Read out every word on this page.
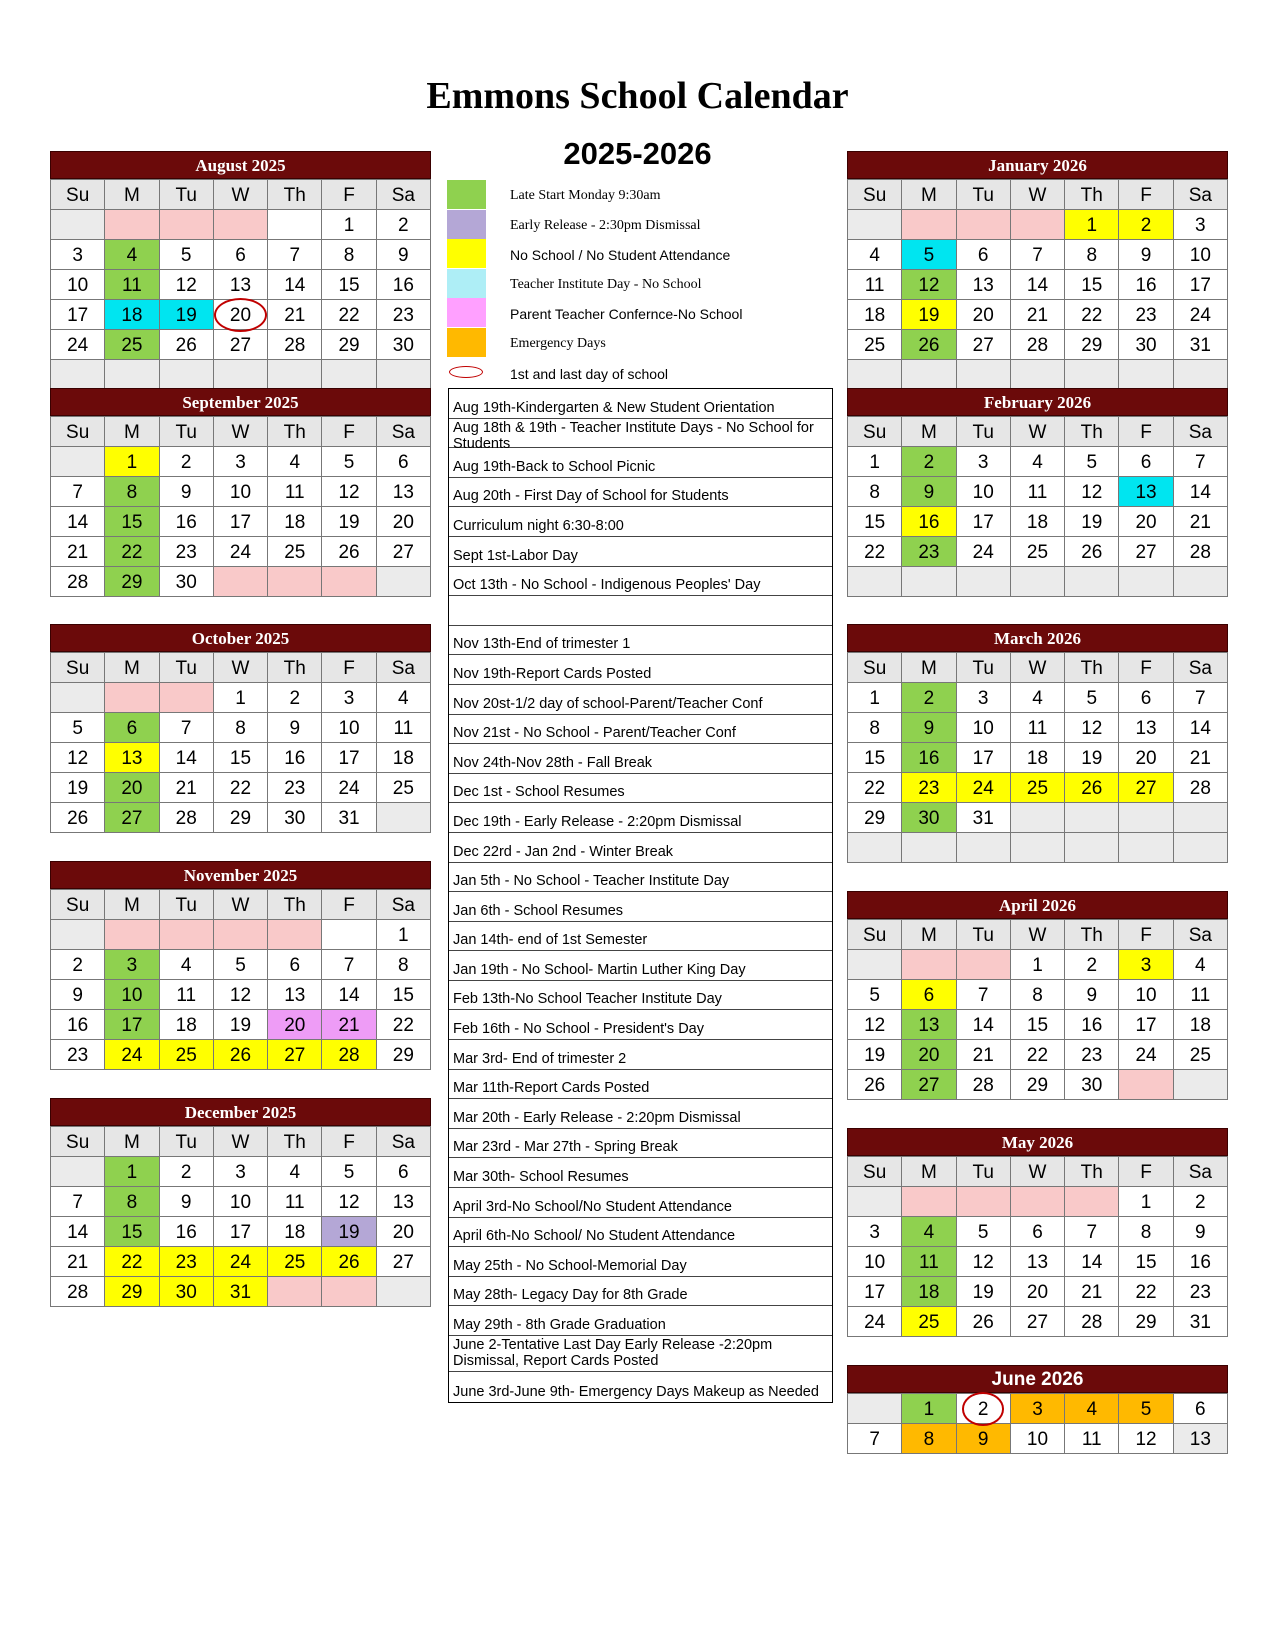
Emmons School Calendar
2025-2026
August 2025
Su	M	Tu	W	Th	F	Sa
					1	2
3	4	5	6	7	8	9
10	11	12	13	14	15	16
17	18	19	20	21	22	23
24	25	26	27	28	29	30

September 2025
Su	M	Tu	W	Th	F	Sa
	1	2	3	4	5	6
7	8	9	10	11	12	13
14	15	16	17	18	19	20
21	22	23	24	25	26	27
28	29	30				
October 2025
Su	M	Tu	W	Th	F	Sa
			1	2	3	4
5	6	7	8	9	10	11
12	13	14	15	16	17	18
19	20	21	22	23	24	25
26	27	28	29	30	31	
November 2025
Su	M	Tu	W	Th	F	Sa
						1
2	3	4	5	6	7	8
9	10	11	12	13	14	15
16	17	18	19	20	21	22
23	24	25	26	27	28	29
December 2025
Su	M	Tu	W	Th	F	Sa
	1	2	3	4	5	6
7	8	9	10	11	12	13
14	15	16	17	18	19	20
21	22	23	24	25	26	27
28	29	30	31			
January 2026
Su	M	Tu	W	Th	F	Sa
				1	2	3
4	5	6	7	8	9	10
11	12	13	14	15	16	17
18	19	20	21	22	23	24
25	26	27	28	29	30	31

February 2026
Su	M	Tu	W	Th	F	Sa
1	2	3	4	5	6	7
8	9	10	11	12	13	14
15	16	17	18	19	20	21
22	23	24	25	26	27	28

March 2026
Su	M	Tu	W	Th	F	Sa
1	2	3	4	5	6	7
8	9	10	11	12	13	14
15	16	17	18	19	20	21
22	23	24	25	26	27	28
29	30	31				

April 2026
Su	M	Tu	W	Th	F	Sa
			1	2	3	4
5	6	7	8	9	10	11
12	13	14	15	16	17	18
19	20	21	22	23	24	25
26	27	28	29	30		
May 2026
Su	M	Tu	W	Th	F	Sa
					1	2
3	4	5	6	7	8	9
10	11	12	13	14	15	16
17	18	19	20	21	22	23
24	25	26	27	28	29	31
June 2026
	1	2	3	4	5	6
7	8	9	10	11	12	13
Late Start Monday 9:30am
Early Release - 2:30pm Dismissal
No School / No Student Attendance
Teacher Institute Day - No School
Parent Teacher Confernce-No School
Emergency Days
1st and last day of school
Aug 19th-Kindergarten & New Student Orientation
Aug 18th & 19th - Teacher Institute Days - No School for Students
Aug 19th-Back to School Picnic
Aug 20th - First Day of School for Students
Curriculum night 6:30-8:00
Sept 1st-Labor Day
Oct 13th - No School - Indigenous Peoples' Day
Nov 13th-End of trimester 1
Nov 19th-Report Cards Posted
Nov 20st-1/2 day of school-Parent/Teacher Conf
Nov 21st - No School - Parent/Teacher Conf
Nov 24th-Nov 28th - Fall Break
Dec 1st - School Resumes
Dec 19th - Early Release - 2:20pm Dismissal
Dec 22rd - Jan 2nd - Winter Break
Jan 5th - No School - Teacher Institute Day
Jan 6th - School Resumes
Jan 14th- end of 1st Semester
Jan 19th - No School- Martin Luther King Day
Feb 13th-No School Teacher Institute Day
Feb 16th - No School - President's Day
Mar 3rd- End of trimester 2
Mar 11th-Report Cards Posted
Mar 20th - Early Release - 2:20pm Dismissal
Mar 23rd - Mar 27th - Spring Break
Mar 30th- School Resumes
April 3rd-No School/No Student Attendance
April 6th-No School/ No Student Attendance
May 25th - No School-Memorial Day
May 28th- Legacy Day for 8th Grade
May 29th - 8th Grade Graduation
June 2-Tentative Last Day Early Release -2:20pm Dismissal, Report Cards Posted
June 3rd-June 9th- Emergency Days Makeup as Needed
